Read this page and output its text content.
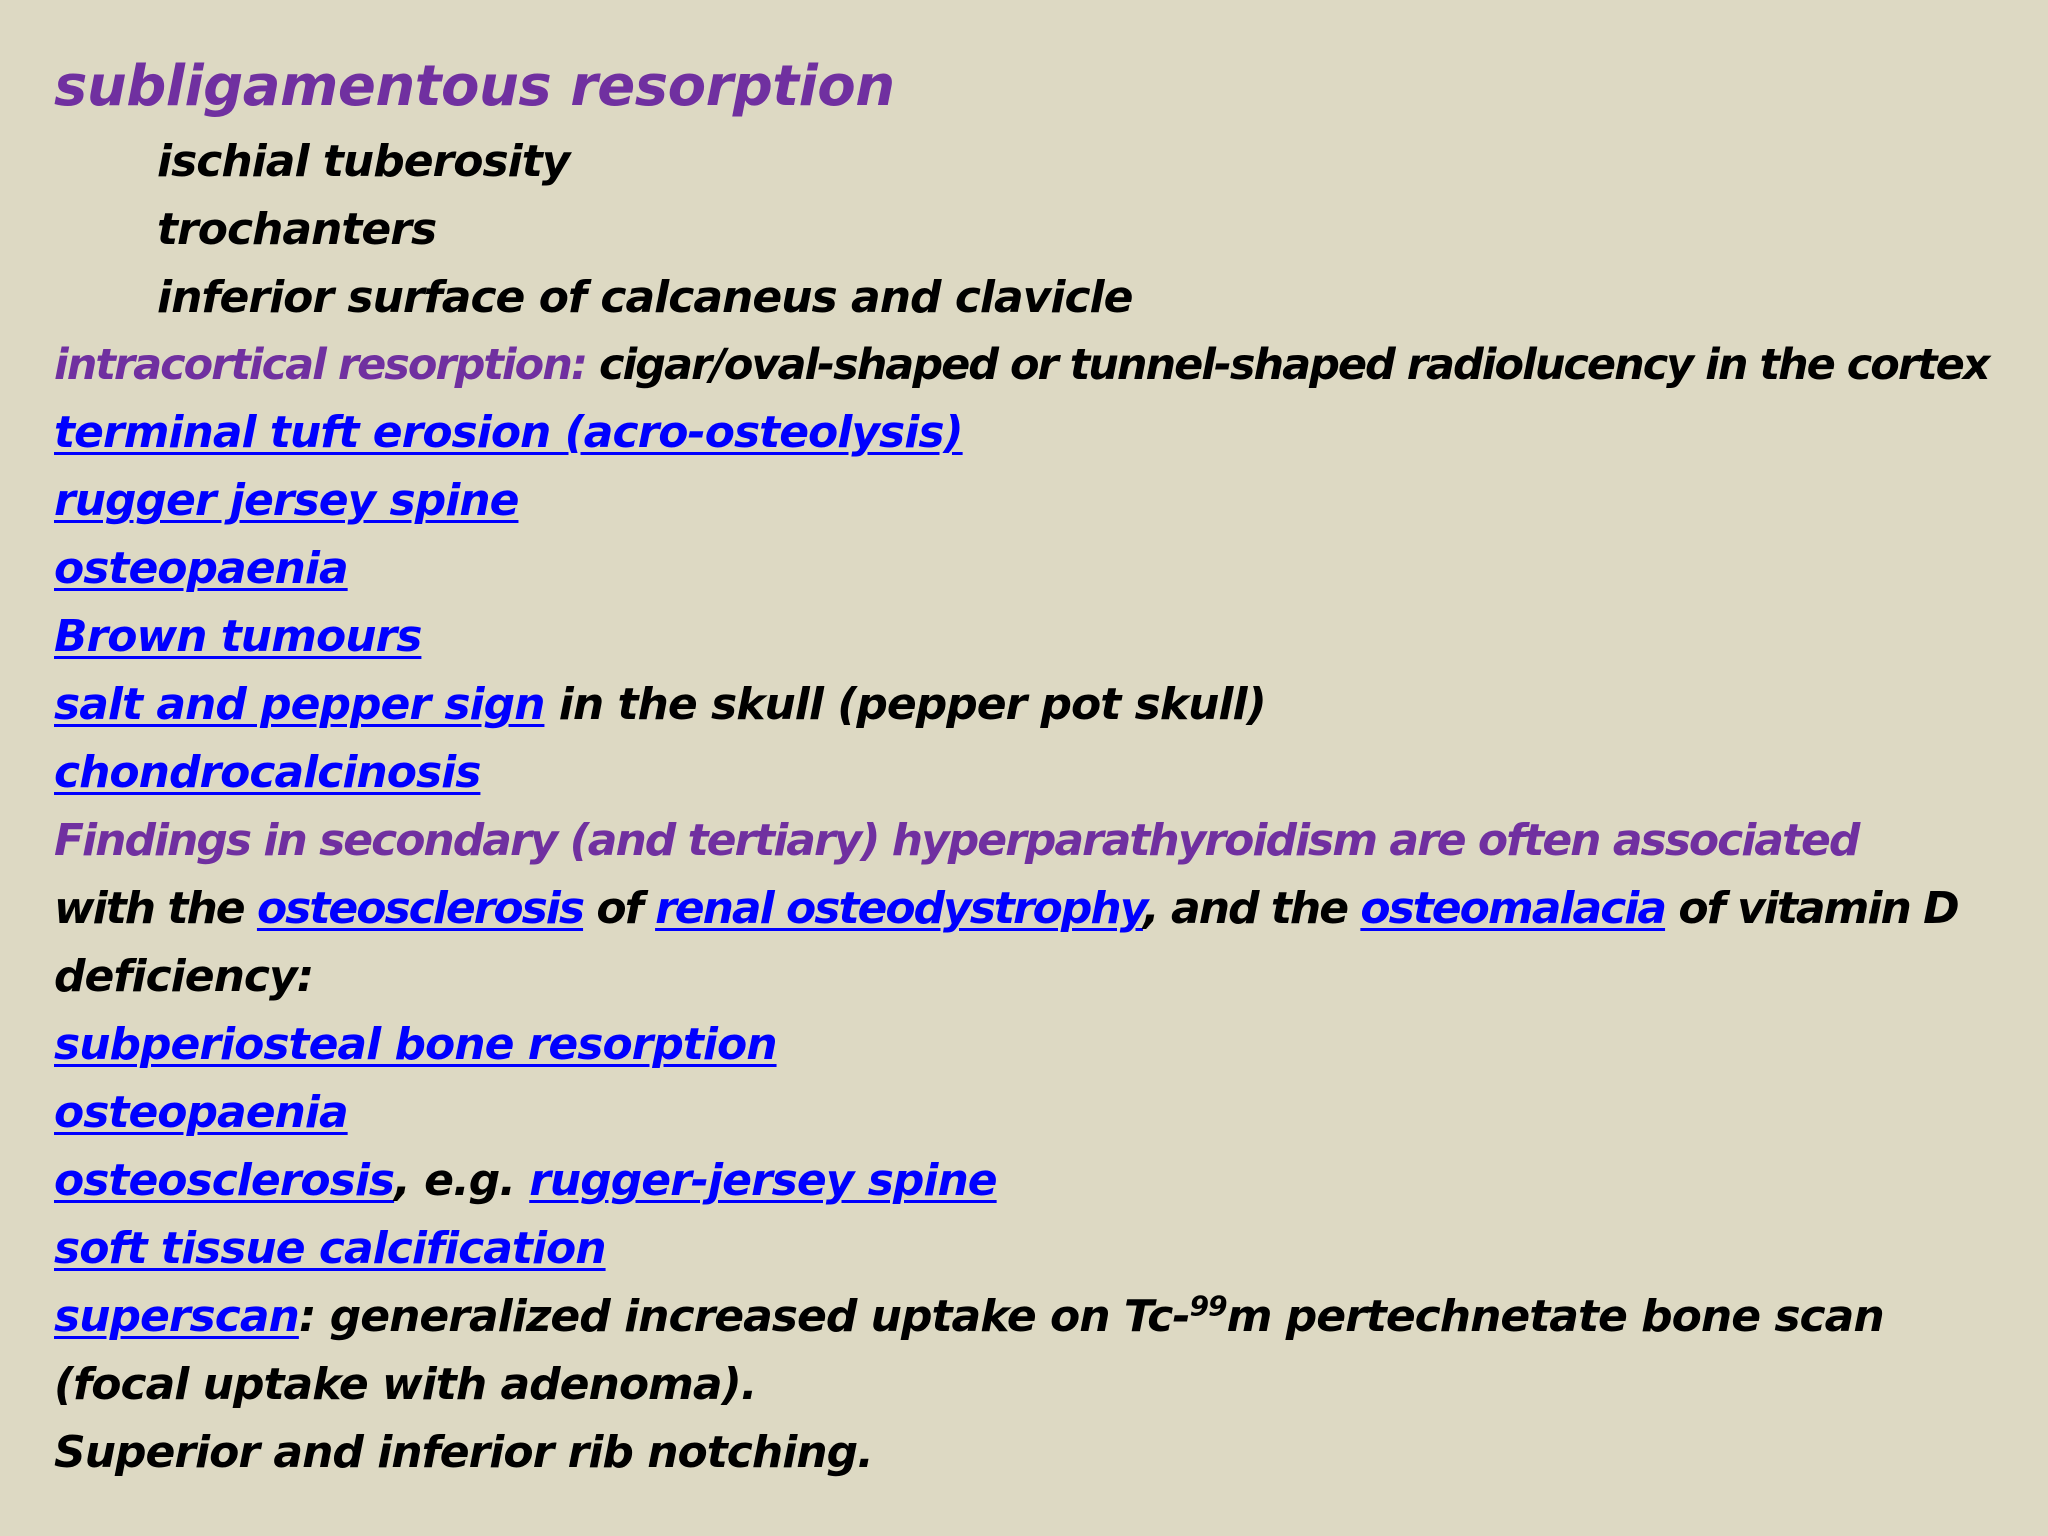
subligamentous resorption
ischial tuberosity
trochanters
inferior surface of calcaneus and clavicle
intracortical resorption: cigar/oval-shaped or tunnel-shaped radiolucency in the cortex
terminal tuft erosion (acro-osteolysis)
rugger jersey spine
osteopaenia
Brown tumours
salt and pepper sign in the skull (pepper pot skull)
chondrocalcinosis
Findings in secondary (and tertiary) hyperparathyroidism are often associated
with the osteosclerosis of renal osteodystrophy, and the osteomalacia of vitamin D
deficiency:
subperiosteal bone resorption
osteopaenia
osteosclerosis, e.g. rugger-jersey spine
soft tissue calcification
superscan: generalized increased uptake on Tc-$^{99}$m pertechnetate bone scan
(focal uptake with adenoma).
Superior and inferior rib notching.
